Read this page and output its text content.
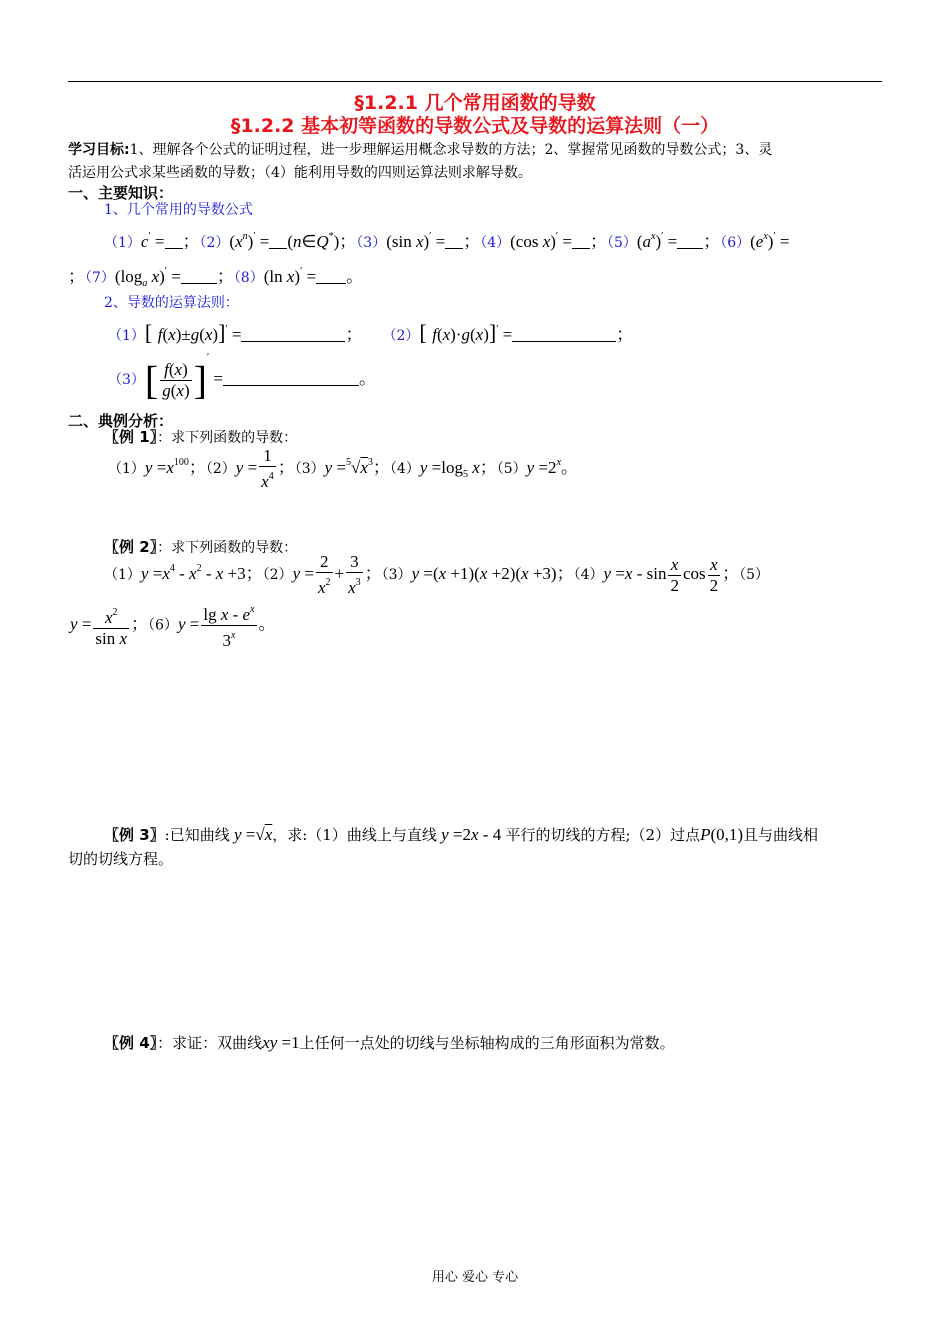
§1.2.1 几个常用函数的导数
§1.2.2 基本初等函数的导数公式及导数的运算法则（一）
学习目标:1、理解各个公式的证明过程，进一步理解运用概念求导数的方法；2、掌握常见函数的导数公式；3、灵
活运用公式求某些函数的导数；（4）能利用导数的四则运算法则求解导数。
一、主要知识：
1、几个常用的导数公式
（1）c′ = ；$(2)(x^n)'$ = (n∈Q*)；（3）(sin x)′ = ；（4）(cos x)′ = ；$(5)(a^x)'$ = ；$(6)(e^x)'$ =
；$(7)(\log_a$ x)′ = ；（8）(ln x)′ = 。
2、导数的运算法则：
（1）[ f(x)±g(x)]′ =	； （2）[ f(x)·g(x)]′ =	；
$(3)[ \frac{f(x)}{g(x)} ]'$ =	。
二、典例分析：
〖例 1〗：求下列函数的导数：
$(1)y =x^{100}$；$(2)y = \frac{1}{x^4}$ ；$(3)y =^5√x^3$；$(4)y =\log_5$ x；$(5)y =2^x$。
〖例 2〗：求下列函数的导数：
$(1)y =x^4 - x^2 - x +3$；$(2)y = \frac{2}{x^2} + \frac{3}{x^3}$ ；（3）y =(x +1)(x +2)(x +3)；$(4)y =x - \sin \frac{x}{2}$ $\cos \frac{x}{2}$ ；（5）
$y = \frac{x^2}{\text{sin x}}$ ；$(6)y = \frac{\lg x - e^x}{3^x}$ 。
〖例 3〗:已知曲线 y =√x，求:（1）曲线上与直线 y =2x - 4 平行的切线的方程;（2）过点P(0,1)且与曲线相
切的切线方程。
〖例 4〗：求证：双曲线xy =1上任何一点处的切线与坐标轴构成的三角形面积为常数。
用心 爱心 专心
